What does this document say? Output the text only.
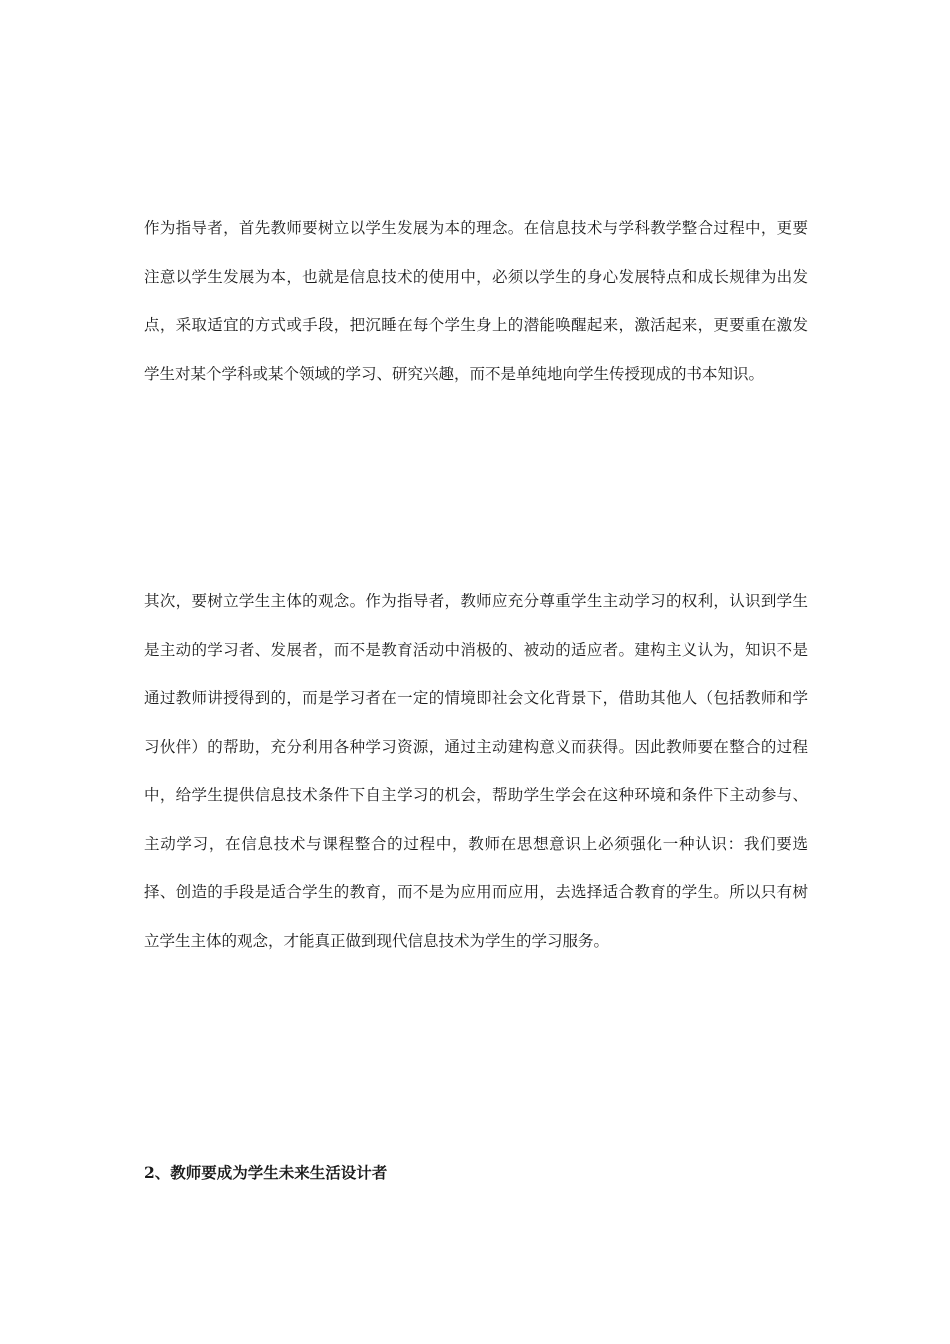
作为指导者，首先教师要树立以学生发展为本的理念。在信息技术与学科教学整合过程中，更要注意以学生发展为本，也就是信息技术的使用中，必须以学生的身心发展特点和成长规律为出发点，采取适宜的方式或手段，把沉睡在每个学生身上的潜能唤醒起来，激活起来，更要重在激发学生对某个学科或某个领域的学习、研究兴趣，而不是单纯地向学生传授现成的书本知识。

其次，要树立学生主体的观念。作为指导者，教师应充分尊重学生主动学习的权利，认识到学生是主动的学习者、发展者，而不是教育活动中消极的、被动的适应者。建构主义认为，知识不是通过教师讲授得到的，而是学习者在一定的情境即社会文化背景下，借助其他人（包括教师和学习伙伴）的帮助，充分利用各种学习资源，通过主动建构意义而获得。因此教师要在整合的过程中，给学生提供信息技术条件下自主学习的机会，帮助学生学会在这种环境和条件下主动参与、主动学习，在信息技术与课程整合的过程中，教师在思想意识上必须强化一种认识：我们要选择、创造的手段是适合学生的教育，而不是为应用而应用，去选择适合教育的学生。所以只有树立学生主体的观念，才能真正做到现代信息技术为学生的学习服务。

2、教师要成为学生未来生活设计者
